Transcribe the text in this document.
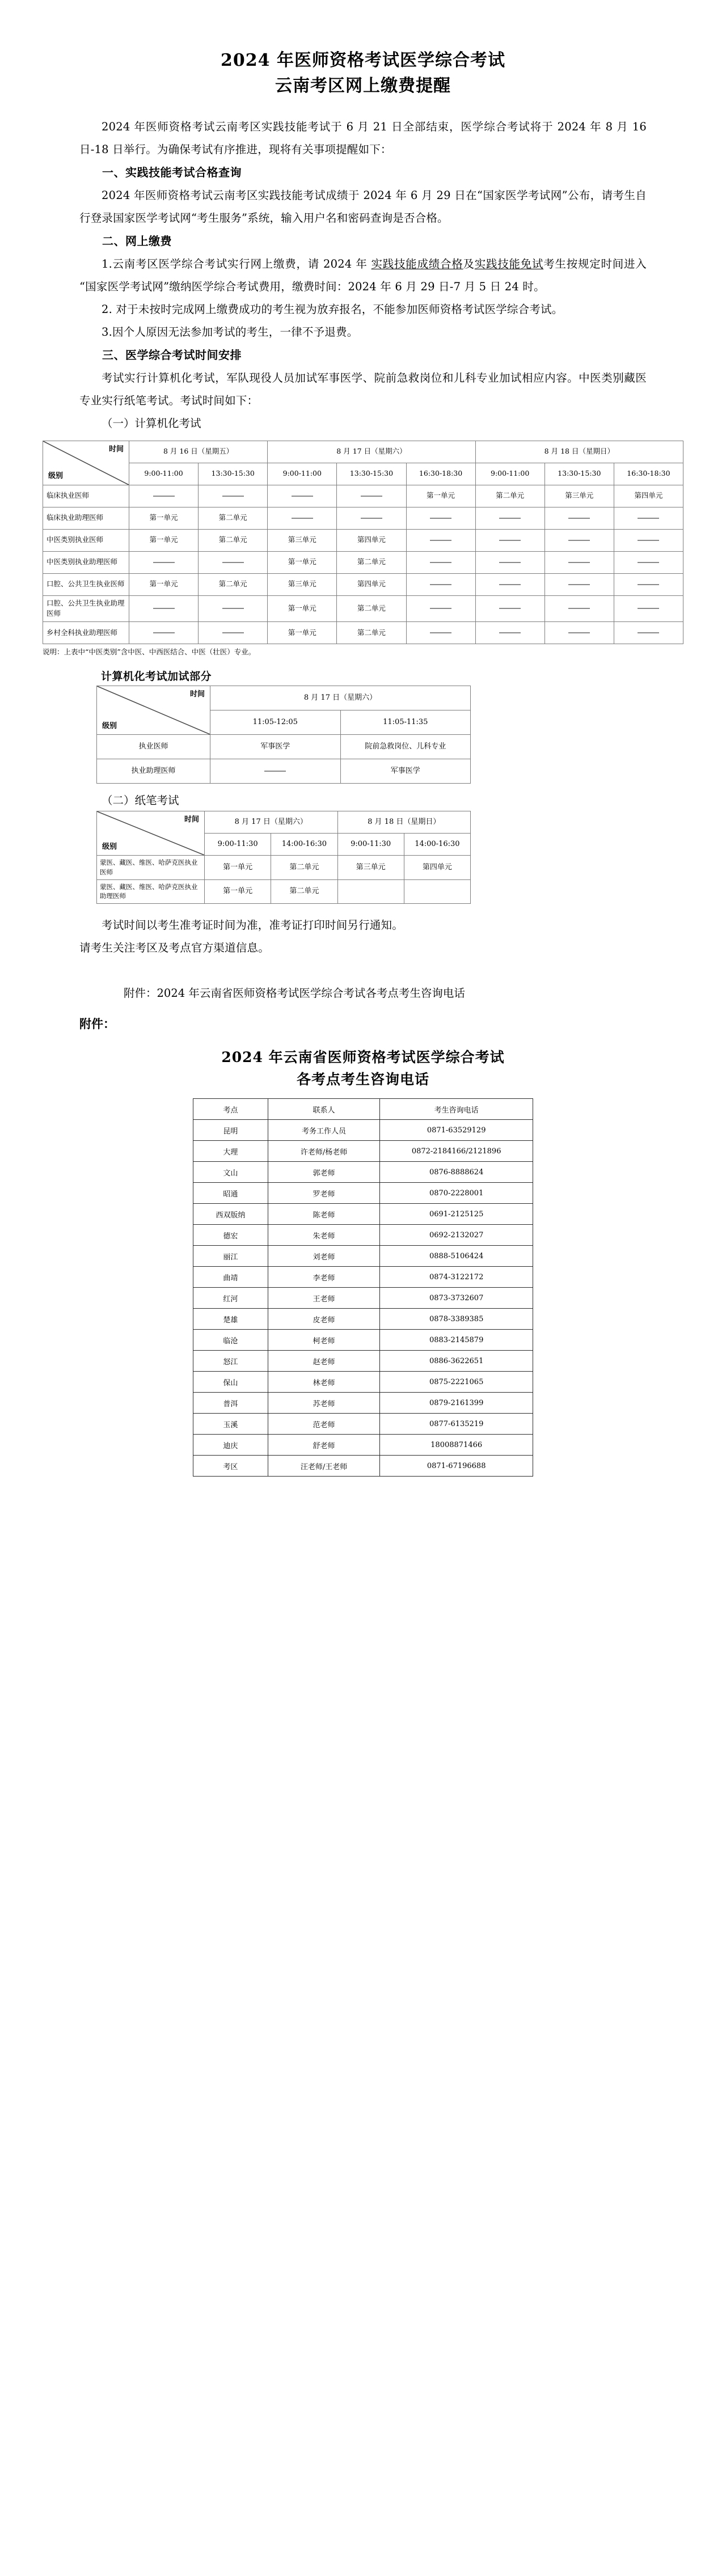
2024 年医师资格考试医学综合考试
云南考区网上缴费提醒

2024 年医师资格考试云南考区实践技能考试于 6 月 21 日全部结束，医学综合考试将于 2024 年 8 月 16 日-18 日举行。为确保考试有序推进，现将有关事项提醒如下：

一、实践技能考试合格查询

2024 年医师资格考试云南考区实践技能考试成绩于 2024 年 6 月 29 日在“国家医学考试网”公布，请考生自行登录国家医学考试网“考生服务”系统，输入用户名和密码查询是否合格。

二、网上缴费

1.云南考区医学综合考试实行网上缴费，请 2024 年 实践技能成绩合格及实践技能免试考生按规定时间进入“国家医学考试网”缴纳医学综合考试费用，缴费时间：2024 年 6 月 29 日-7 月 5 日 24 时。

2. 对于未按时完成网上缴费成功的考生视为放弃报名，不能参加医师资格考试医学综合考试。

3.因个人原因无法参加考试的考生，一律不予退费。

三、医学综合考试时间安排

考试实行计算机化考试，军队现役人员加试军事医学、院前急救岗位和儿科专业加试相应内容。中医类别藏医专业实行纸笔考试。考试时间如下：

（一）计算机化考试

时间
级别	8 月 16 日（星期五）		8 月 17 日（星期六）			8 月 18 日（星期日）		
	9:00-11:00	13:30-15:30	9:00-11:00	13:30-15:30	16:30-18:30	9:00-11:00	13:30-15:30	16:30-18:30
临床执业医师					第一单元	第二单元	第三单元	第四单元
临床执业助理医师	第一单元	第二单元						
中医类别执业医师	第一单元	第二单元	第三单元	第四单元				
中医类别执业助理医师			第一单元	第二单元				
口腔、公共卫生执业医师	第一单元	第二单元	第三单元	第四单元				
口腔、公共卫生执业助理医师			第一单元	第二单元				
乡村全科执业助理医师			第一单元	第二单元				
说明：上表中“中医类别”含中医、中西医结合、中医（壮医）专业。
计算机化考试加试部分
时间
级别	8 月 17 日（星期六）	
	11:05-12:05	11:05-11:35
执业医师	军事医学	院前急救岗位、儿科专业
执业助理医师		军事医学
（二）纸笔考试
时间
级别	8 月 17 日（星期六）		8 月 18 日（星期日）	
	9:00-11:30	14:00-16:30	9:00-11:30	14:00-16:30
蒙医、藏医、维医、哈萨克医执业医师	第一单元	第二单元	第三单元	第四单元
蒙医、藏医、维医、哈萨克医执业助理医师	第一单元	第二单元		

考试时间以考生准考证时间为准，准考证打印时间另行通知。

请考生关注考区及考点官方渠道信息。

附件：2024 年云南省医师资格考试医学综合考试各考点考生咨询电话

附件：

2024 年云南省医师资格考试医学综合考试
各考点考生咨询电话
考点	联系人	考生咨询电话
昆明	考务工作人员	0871-63529129
大理	许老师/杨老师	0872-2184166/2121896
文山	郭老师	0876-8888624
昭通	罗老师	0870-2228001
西双版纳	陈老师	0691-2125125
德宏	朱老师	0692-2132027
丽江	刘老师	0888-5106424
曲靖	李老师	0874-3122172
红河	王老师	0873-3732607
楚雄	皮老师	0878-3389385
临沧	柯老师	0883-2145879
怒江	赵老师	0886-3622651
保山	林老师	0875-2221065
普洱	苏老师	0879-2161399
玉溪	范老师	0877-6135219
迪庆	舒老师	18008871466
考区	汪老师/王老师	0871-67196688
